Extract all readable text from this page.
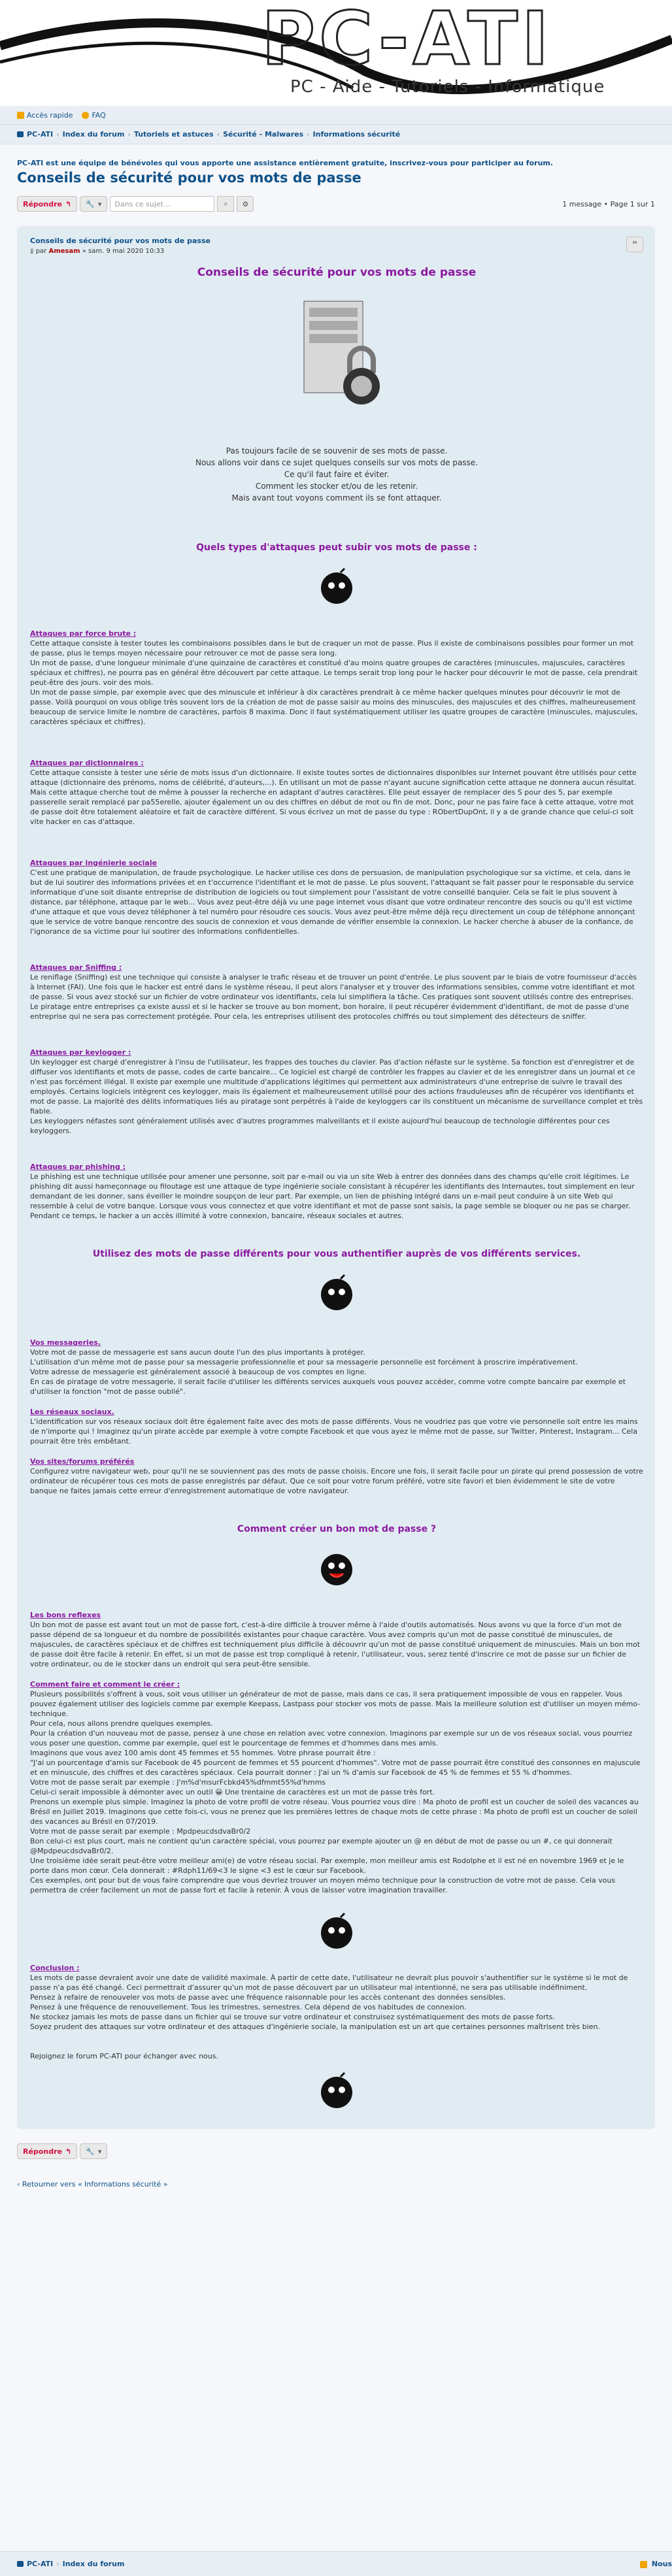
PC-ATI
PC - Aide - Tutoriels - Informatique
Accès rapide	FAQ
PC-ATI ‹ Index du forum ‹ Tutoriels et astuces ‹ Sécurité - Malwares ‹ Informations sécurité
PC-ATI est une équipe de bénévoles qui vous apporte une assistance entièrement gratuite, inscrivez-vous pour participer au forum.
Conseils de sécurité pour vos mots de passe
Répondre ↰ 🔧 ▾	Dans ce sujet…	⌕ ⚙	1 message • Page 1 sur 1
Conseils de sécurité pour vos mots de passe
▮ par Amesam » sam. 9 mai 2020 10:33
❝
Conseils de sécurité pour vos mots de passe
Pas toujours facile de se souvenir de ses mots de passe.
Nous allons voir dans ce sujet quelques conseils sur vos mots de passe.
Ce qu'il faut faire et éviter.
Comment les stocker et/ou de les retenir.
Mais avant tout voyons comment ils se font attaquer.
Quels types d'attaques peut subir vos mots de passe :
Attaques par force brute :

Cette attaque consiste à tester toutes les combinaisons possibles dans le but de craquer un mot de passe. Plus il existe de combinaisons possibles pour former un mot de passe, plus le temps moyen nécessaire pour retrouver ce mot de passe sera long.

Un mot de passe, d'une longueur minimale d'une quinzaine de caractères et constitué d'au moins quatre groupes de caractères (minuscules, majuscules, caractères spéciaux et chiffres), ne pourra pas en général être découvert par cette attaque. Le temps serait trop long pour le hacker pour découvrir le mot de passe, cela prendrait peut-être des jours. voir des mois.

Un mot de passe simple, par exemple avec que des minuscule et inférieur à dix caractères prendrait à ce même hacker quelques minutes pour découvrir le mot de passe. Voilà pourquoi on vous oblige très souvent lors de la création de mot de passe saisir au moins des minuscules, des majuscules et des chiffres, malheureusement beaucoup de service limite le nombre de caractères, parfois 8 maxima. Donc il faut systématiquement utiliser les quatre groupes de caractère (minuscules, majuscules, caractères spéciaux et chiffres).

Attaques par dictionnaires :

Cette attaque consiste à tester une série de mots issus d'un dictionnaire. Il existe toutes sortes de dictionnaires disponibles sur Internet pouvant être utilisés pour cette attaque (dictionnaire des prénoms, noms de célébrité, d'auteurs,...). En utilisant un mot de passe n'ayant aucune signification cette attaque ne donnera aucun résultat. Mais cette attaque cherche tout de même à pousser la recherche en adaptant d'autres caractères. Elle peut essayer de remplacer des S pour des 5, par exemple passerelle serait remplacé par pa55erelle, ajouter également un ou des chiffres en début de mot ou fin de mot. Donc, pour ne pas faire face à cette attaque, votre mot de passe doit être totalement aléatoire et fait de caractère différent. Si vous écrivez un mot de passe du type : RObertDupOnt, il y a de grande chance que celui-ci soit vite hacker en cas d'attaque.

Attaques par ingénierie sociale

C'est une pratique de manipulation, de fraude psychologique. Le hacker utilise ces dons de persuasion, de manipulation psychologique sur sa victime, et cela, dans le but de lui soutirer des informations privées et en t'occurrence l'identifiant et le mot de passe. Le plus souvent, l'attaquant se fait passer pour le responsable du service informatique d'une soit disante entreprise de distribution de logiciels ou tout simplement pour l'assistant de votre conseillé banquier. Cela se fait le plus souvent à distance, par téléphone, attaque par le web... Vous avez peut-être déjà vu une page internet vous disant que votre ordinateur rencontre des soucis ou qu'il est victime d'une attaque et que vous devez téléphoner à tel numéro pour résoudre ces soucis. Vous avez peut-être même déjà reçu directement un coup de téléphone annonçant que le service de votre banque rencontre des soucis de connexion et vous demande de vérifier ensemble la connexion. Le hacker cherche à abuser de la confiance, de l'ignorance de sa victime pour lui soutirer des informations confidentielles.

Attaques par Sniffing :

Le reniflage (Sniffing) est une technique qui consiste à analyser le trafic réseau et de trouver un point d'entrée. Le plus souvent par le biais de votre fournisseur d'accès à Internet (FAI). Une fois que le hacker est entré dans le système réseau, il peut alors l'analyser et y trouver des informations sensibles, comme votre identifiant et mot de passe. Si vous avez stocké sur un fichier de votre ordinateur vos identifiants, cela lui simplifiera la tâche. Ces pratiques sont souvent utilisés contre des entreprises. Le piratage entre entreprises ça existe aussi et si le hacker se trouve au bon moment, bon horaire, il peut récupérer évidemment d'identifiant, de mot de passe d'une entreprise qui ne sera pas correctement protégée. Pour cela, les entreprises utilisent des protocoles chiffrés ou tout simplement des détecteurs de sniffer.

Attaques par keylogger :

Un keylogger est chargé d'enregistrer à l'insu de l'utilisateur, les frappes des touches du clavier. Pas d'action néfaste sur le système. Sa fonction est d'enregistrer et de diffuser vos identifiants et mots de passe, codes de carte bancaire... Ce logiciel est chargé de contrôler les frappes au clavier et de les enregistrer dans un journal et ce n'est pas forcément illégal. Il existe par exemple une multitude d'applications légitimes qui permettent aux administrateurs d'une entreprise de suivre le travail des employés. Certains logiciels intègrent ces keylogger, mais ils également et malheureusement utilisé pour des actions frauduleuses afin de récupérer vos identifiants et mot de passe. La majorité des délits informatiques liés au piratage sont perpétrés à l'aide de keyloggers car ils constituent un mécanisme de surveillance complet et très fiable.
Les keyloggers néfastes sont généralement utilisés avec d'autres programmes malveillants et il existe aujourd'hui beaucoup de technologie différentes pour ces keyloggers.

Attaques par phishing :

Le phishing est une technique utilisée pour amener une personne, soit par e-mail ou via un site Web à entrer des données dans des champs qu'elle croit légitimes. Le phishing dit aussi hameçonnage ou filoutage est une attaque de type ingénierie sociale consistant à récupérer les identifiants des Internautes, tout simplement en leur demandant de les donner, sans éveiller le moindre soupçon de leur part. Par exemple, un lien de phishing intégré dans un e-mail peut conduire à un site Web qui ressemble à celui de votre banque. Lorsque vous vous connectez et que votre identifiant et mot de passe sont saisis, la page semble se bloquer ou ne pas se charger. Pendant ce temps, le hacker a un accès illimité à votre connexion, bancaire, réseaux sociales et autres.

Utilisez des mots de passe différents pour vous authentifier auprès de vos différents services.
Vos messageries.

Votre mot de passe de messagerie est sans aucun doute l'un des plus importants à protéger.
L'utilisation d'un même mot de passe pour sa messagerie professionnelle et pour sa messagerie personnelle est forcément à proscrire impérativement.
Votre adresse de messagerie est généralement associé à beaucoup de vos comptes en ligne.
En cas de piratage de votre messagerie, il serait facile d'utiliser les différents services auxquels vous pouvez accéder, comme votre compte bancaire par exemple et d'utiliser la fonction "mot de passe oublié".

Les réseaux sociaux.

L'identification sur vos réseaux sociaux doit être également faite avec des mots de passe différents. Vous ne voudriez pas que votre vie personnelle soit entre les mains de n'importe qui ! Imaginez qu'un pirate accède par exemple à votre compte Facebook et que vous ayez le même mot de passe, sur Twitter, Pinterest, Instagram... Cela pourrait être très embêtant.

Vos sites/forums préférés

Configurez votre navigateur web, pour qu'il ne se souviennent pas des mots de passe choisis. Encore une fois, il serait facile pour un pirate qui prend possession de votre ordinateur de récupérer tous ces mots de passe enregistrés par défaut. Que ce soit pour votre forum préféré, votre site favori et bien évidemment le site de votre banque ne faites jamais cette erreur d'enregistrement automatique de votre navigateur.

Comment créer un bon mot de passe ?
Les bons reflexes

Un bon mot de passe est avant tout un mot de passe fort, c'est-à-dire difficile à trouver même à l'aide d'outils automatisés. Nous avons vu que la force d'un mot de passe dépend de sa longueur et du nombre de possibilités existantes pour chaque caractère. Vous avez compris qu'un mot de passe constitué de minuscules, de majuscules, de caractères spéciaux et de chiffres est techniquement plus difficile à découvrir qu'un mot de passe constitué uniquement de minuscules. Mais un bon mot de passe doit être facile à retenir. En effet, si un mot de passe est trop compliqué à retenir, l'utilisateur, vous, serez tenté d'inscrire ce mot de passe sur un fichier de votre ordinateur, ou de le stocker dans un endroit qui sera peut-être sensible.

Comment faire et comment le créer :

Plusieurs possibilités s'offrent à vous, soit vous utiliser un générateur de mot de passe, mais dans ce cas, il sera pratiquement impossible de vous en rappeler. Vous pouvez également utiliser des logiciels comme par exemple Keepass, Lastpass pour stocker vos mots de passe. Mais la meilleure solution est d'utiliser un moyen mémo-technique.
Pour cela, nous allons prendre quelques exemples.
Pour la création d'un nouveau mot de passe, pensez à une chose en relation avec votre connexion. Imaginons par exemple sur un de vos réseaux social, vous pourriez vous poser une question, comme par exemple, quel est le pourcentage de femmes et d'hommes dans mes amis.
Imaginons que vous avez 100 amis dont 45 femmes et 55 hommes. Votre phrase pourrait être :
"J'ai un pourcentage d'amis sur Facebook de 45 pourcent de femmes et 55 pourcent d'hommes". Votre mot de passe pourrait être constitué des consonnes en majuscule et en minuscule, des chiffres et des caractères spéciaux. Cela pourrait donner : J'ai un % d'amis sur Facebook de 45 % de femmes et 55 % d'hommes.
Votre mot de passe serait par exemple : J'm%d'msurFcbkd45%dfmmt55%d'hmms
Celui-ci serait impossible à démonter avec un outil 😀 Une trentaine de caractères est un mot de passe très fort.
Prenons un exemple plus simple. Imaginez la photo de votre profil de votre réseau. Vous pourriez vous dire : Ma photo de profil est un coucher de soleil des vacances au Brésil en Juillet 2019. Imaginons que cette fois-ci, vous ne prenez que les premières lettres de chaque mots de cette phrase : Ma photo de profil est un coucher de soleil des vacances au Brésil en 07/2019.
Votre mot de passe serait par exemple : MpdpeucdsdvaBr0/2
Bon celui-ci est plus court, mais ne contient qu'un caractère spécial, vous pourrez par exemple ajouter un @ en début de mot de passe ou un #, ce qui donnerait @MpdpeucdsdvaBr0/2.
Une troisième idée serait peut-être votre meilleur ami(e) de votre réseau social. Par exemple, mon meilleur amis est Rodolphe et il est né en novembre 1969 et je le porte dans mon cœur. Cela donnerait : #Rdph11/69<3 le signe <3 est le cœur sur Facebook.
Ces exemples, ont pour but de vous faire comprendre que vous devriez trouver un moyen mémo technique pour la construction de votre mot de passe. Cela vous permettra de créer facilement un mot de passe fort et facile à retenir. À vous de laisser votre imagination travailler.

Conclusion :

Les mots de passe devraient avoir une date de validité maximale. À partir de cette date, l'utilisateur ne devrait plus pouvoir s'authentifier sur le système si le mot de passe n'a pas été changé. Ceci permettrait d'assurer qu'un mot de passe découvert par un utilisateur mal intentionné, ne sera pas utilisable indéfiniment.
Pensez à refaire de renouveler vos mots de passe avec une fréquence raisonnable pour les accès contenant des données sensibles.
Pensez à une fréquence de renouvellement. Tous les trimestres, semestres. Cela dépend de vos habitudes de connexion.
Ne stockez jamais les mots de passe dans un fichier qui se trouve sur votre ordinateur et construisez systématiquement des mots de passe forts.
Soyez prudent des attaques sur votre ordinateur et des attaques d'ingénierie sociale, la manipulation est un art que certaines personnes maîtrisent très bien.

Rejoignez le forum PC-ATI pour échanger avec nous.

Répondre ↰ 🔧 ▾
‹ Retourner vers « Informations sécurité »
PC-ATI ‹ Index du forum	Nous
